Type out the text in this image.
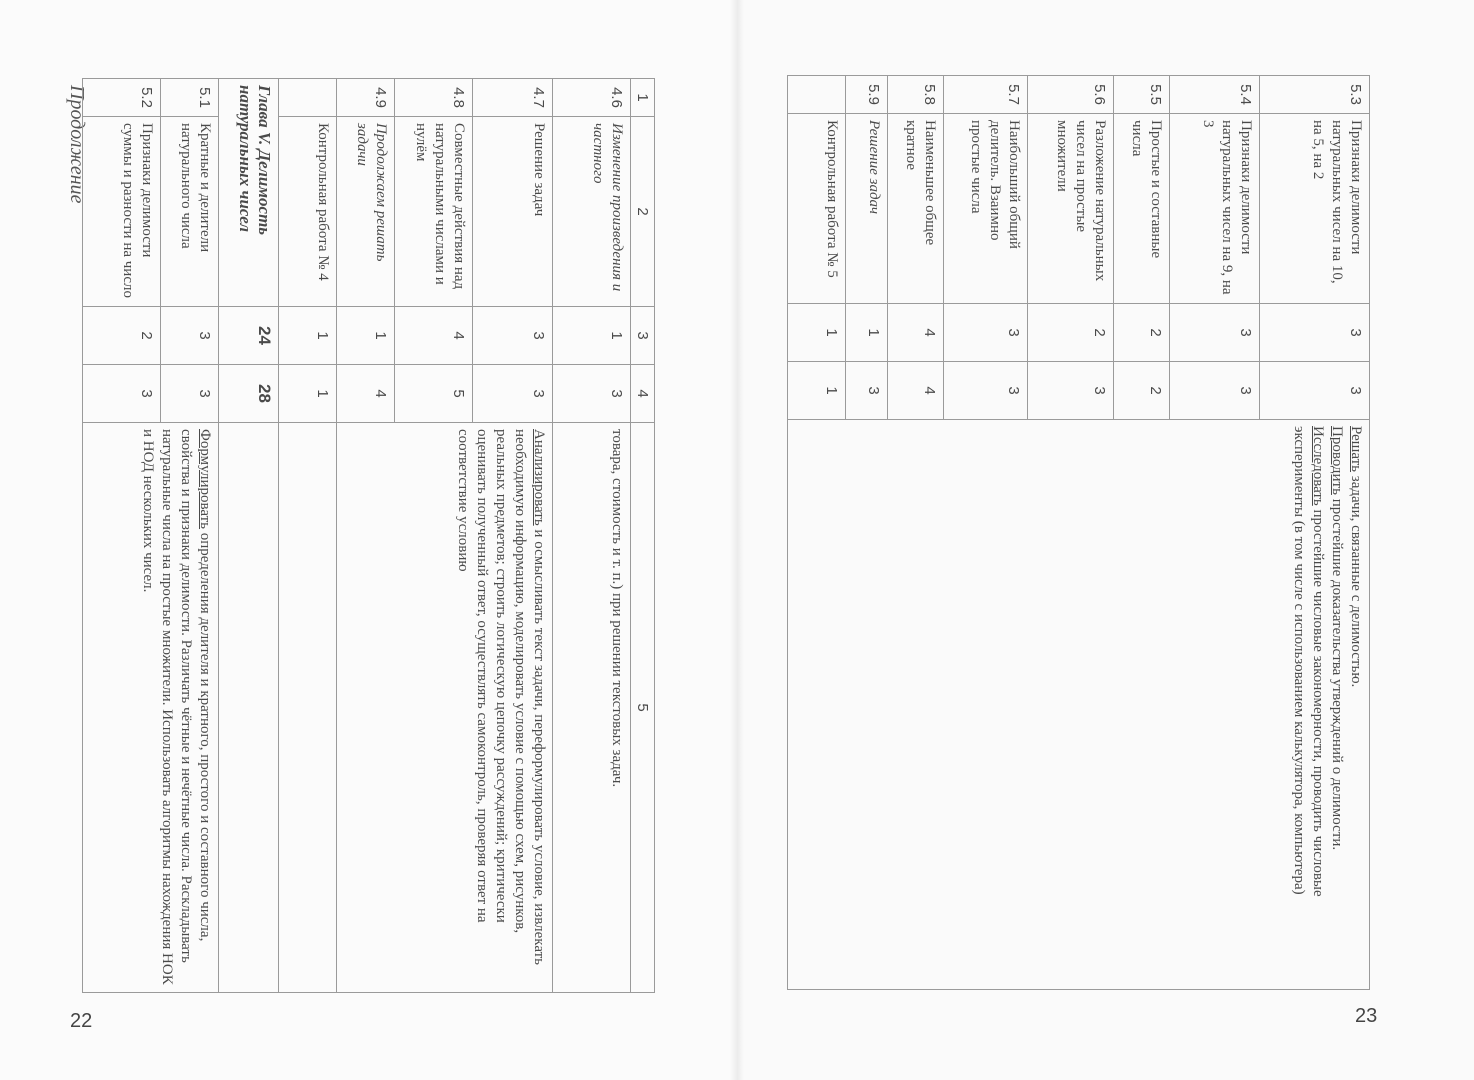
Продолжение
22	23
1	2	3	4	5
4.6	Изменение произведения и частного	1	3	товара, стоимость и т. п.) при решении текстовых задач.
4.7	Решение задач	3	3	Анализировать и осмысливать текст задачи, переформулировать условие, извлекать необходимую информацию, моделировать условие с помощью схем, рисунков, реальных предметов; строить логическую цепочку рассуждений; критически оценивать полученный ответ, осуществлять самоконтроль, проверяя ответ на соответствие условию
4.8	Совместные действия над натуральными числами и нулём	4	5	
4.9	Продолжаем решать задачи	1	4	
	Контрольная работа № 4	1	1	
Глава V. Делимость натуральных чисел		24	28	
5.1	Кратные и делители натурального числа	3	3	Формулировать определения делителя и кратного, простого и составного числа, свойства и признаки делимости. Различать чётные и нечётные числа. Раскладывать натуральные числа на простые множители. Использовать алгоритмы нахождения НОК и НОД нескольких чисел.
5.2	Признаки делимости суммы и разности на число	2	3	
5.3	Признаки делимости натуральных чисел на 10, на 5, на 2	3	3	Решать задачи, связанные с делимостью.
Проводить простейшие доказательства утверждений о делимости.
Исследовать простейшие числовые закономерности, проводить числовые эксперименты (в том числе с использованием калькулятора, компьютера)

5.4	Признаки делимости натуральных чисел на 9, на 3	3	3	
5.5	Простые и составные числа	2	2	
5.6	Разложение натуральных чисел на простые множители	2	3	
5.7	Наибольший общий делитель. Взаимно простые числа	3	3	
5.8	Наименьшее общее кратное	4	4	
5.9	Решение задач	1	3	
	Контрольная работа № 5	1	1	
